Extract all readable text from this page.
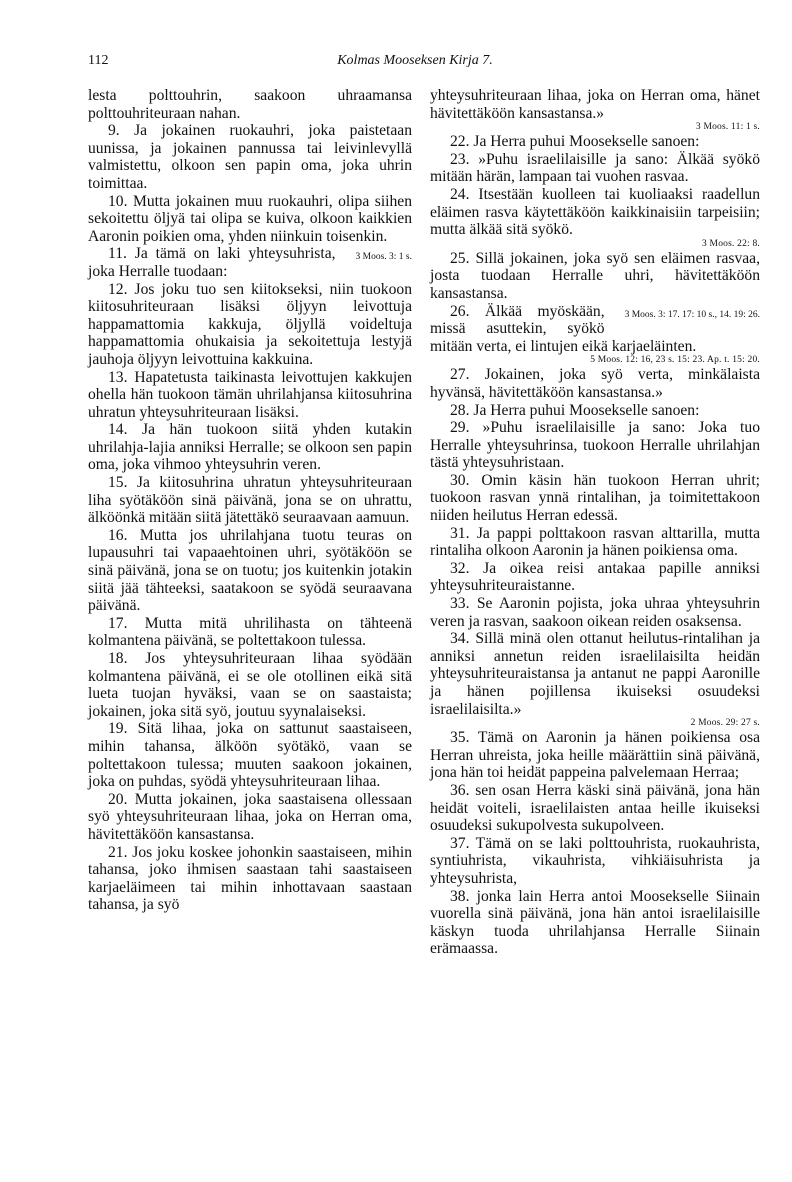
112	Kolmas Mooseksen Kirja 7.

lesta polttouhrin, saakoon uhraamansa polttouhriteuraan nahan.

9. Ja jokainen ruokauhri, joka paistetaan uunissa, ja jokainen pannussa tai leivinlevyllä valmistettu, olkoon sen papin oma, joka uhrin toimittaa.

10. Mutta jokainen muu ruokauhri, olipa siihen sekoitettu öljyä tai olipa se kuiva, olkoon kaikkien Aaronin poikien oma, yhden niinkuin toisenkin.

3 Moos. 3: 1 s.
11. Ja tämä on laki yhteysuhrista, joka Herralle tuodaan:

12. Jos joku tuo sen kiitokseksi, niin tuokoon kiitosuhriteuraan lisäksi öljyyn leivottuja happamattomia kakkuja, öljyllä voideltuja happamattomia ohukaisia ja sekoitettuja lestyjä jauhoja öljyyn leivottuina kakkuina.

13. Hapatetusta taikinasta leivottujen kakkujen ohella hän tuokoon tämän uhrilahjansa kiitosuhrina uhratun yhteysuhriteuraan lisäksi.

14. Ja hän tuokoon siitä yhden kutakin uhrilahja-lajia anniksi Herralle; se olkoon sen papin oma, joka vihmoo yhteysuhrin veren.

15. Ja kiitosuhrina uhratun yhteysuhriteuraan liha syötäköön sinä päivänä, jona se on uhrattu, älköönkä mitään siitä jätettäkö seuraavaan aamuun.

16. Mutta jos uhrilahjana tuotu teuras on lupausuhri tai vapaaehtoinen uhri, syötäköön se sinä päivänä, jona se on tuotu; jos kuitenkin jotakin siitä jää tähteeksi, saatakoon se syödä seuraavana päivänä.

17. Mutta mitä uhrilihasta on tähteenä kolmantena päivänä, se poltettakoon tulessa.

18. Jos yhteysuhriteuraan lihaa syödään kolmantena päivänä, ei se ole otollinen eikä sitä lueta tuojan hyväksi, vaan se on saastaista; jokainen, joka sitä syö, joutuu syynalaiseksi.

19. Sitä lihaa, joka on sattunut saastaiseen, mihin tahansa, älköön syötäkö, vaan se poltettakoon tulessa; muuten saakoon jokainen, joka on puhdas, syödä yhteysuhriteuraan lihaa.

20. Mutta jokainen, joka saastaisena ollessaan syö yhteysuhriteuraan lihaa, joka on Herran oma, hävitettäköön kansastansa.

21. Jos joku koskee johonkin saastaiseen, mihin tahansa, joko ihmisen saastaan tahi saastaiseen karjaeläimeen tai mihin inhottavaan saastaan tahansa, ja syö

yhteysuhriteuraan lihaa, joka on Herran oma, hänet hävitettäköön kansastansa.»

3 Moos. 11: 1 s.

22. Ja Herra puhui Moosekselle sanoen:

23. »Puhu israelilaisille ja sano: Älkää syökö mitään härän, lampaan tai vuohen rasvaa.

24. Itsestään kuolleen tai kuoliaaksi raadellun eläimen rasva käytettäköön kaikkinaisiin tarpeisiin; mutta älkää sitä syökö.

3 Moos. 22: 8.

25. Sillä jokainen, joka syö sen eläimen rasvaa, josta tuodaan Herralle uhri, hävitettäköön kansastansa.

3 Moos. 3: 17. 17: 10 s., 14. 19: 26.
26. Älkää myöskään, missä asuttekin, syökö mitään verta, ei lintujen eikä karjaeläinten.

5 Moos. 12: 16, 23 s. 15: 23. Ap. t. 15: 20.

27. Jokainen, joka syö verta, minkälaista hyvänsä, hävitettäköön kansastansa.»

28. Ja Herra puhui Moosekselle sanoen:

29. »Puhu israelilaisille ja sano: Joka tuo Herralle yhteysuhrinsa, tuokoon Herralle uhrilahjan tästä yhteysuhristaan.

30. Omin käsin hän tuokoon Herran uhrit; tuokoon rasvan ynnä rintalihan, ja toimitettakoon niiden heilutus Herran edessä.

31. Ja pappi polttakoon rasvan alttarilla, mutta rintaliha olkoon Aaronin ja hänen poikiensa oma.

32. Ja oikea reisi antakaa papille anniksi yhteysuhriteuraistanne.

33. Se Aaronin pojista, joka uhraa yhteysuhrin veren ja rasvan, saakoon oikean reiden osaksensa.

34. Sillä minä olen ottanut heilutus-rintalihan ja anniksi annetun reiden israelilaisilta heidän yhteysuhriteuraistansa ja antanut ne pappi Aaronille ja hänen pojillensa ikuiseksi osuudeksi israelilaisilta.»

2 Moos. 29: 27 s.

35. Tämä on Aaronin ja hänen poikiensa osa Herran uhreista, joka heille määrättiin sinä päivänä, jona hän toi heidät pappeina palvelemaan Herraa;

36. sen osan Herra käski sinä päivänä, jona hän heidät voiteli, israelilaisten antaa heille ikuiseksi osuudeksi sukupolvesta sukupolveen.

37. Tämä on se laki polttouhrista, ruokauhrista, syntiuhrista, vikauhrista, vihkiäisuhrista ja yhteysuhrista,

38. jonka lain Herra antoi Moosekselle Siinain vuorella sinä päivänä, jona hän antoi israelilaisille käskyn tuoda uhrilahjansa Herralle Siinain erämaassa.
